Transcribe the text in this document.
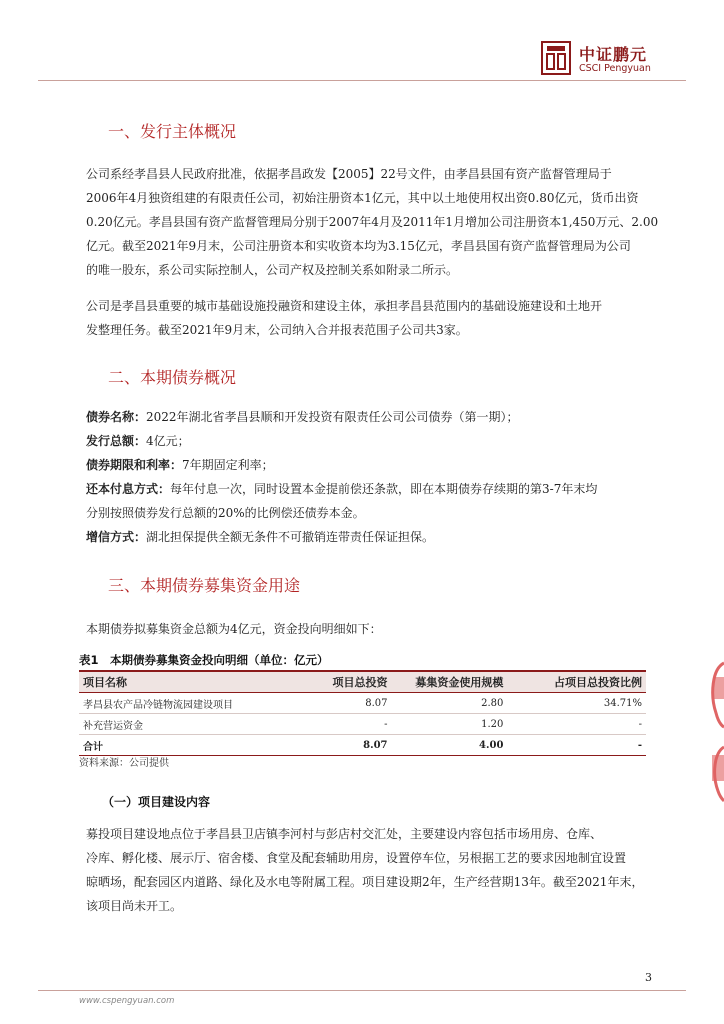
中证鹏元
CSCI Pengyuan
一、发行主体概况
公司系经孝昌县人民政府批准，依据孝昌政发【2005】22号文件，由孝昌县国有资产监督管理局于
2006年4月独资组建的有限责任公司，初始注册资本1亿元，其中以土地使用权出资0.80亿元，货币出资
0.20亿元。孝昌县国有资产监督管理局分别于2007年4月及2011年1月增加公司注册资本1,450万元、2.00
亿元。截至2021年9月末，公司注册资本和实收资本均为3.15亿元，孝昌县国有资产监督管理局为公司
的唯一股东，系公司实际控制人，公司产权及控制关系如附录二所示。
公司是孝昌县重要的城市基础设施投融资和建设主体，承担孝昌县范围内的基础设施建设和土地开
发整理任务。截至2021年9月末，公司纳入合并报表范围子公司共3家。
二、本期债券概况
债券名称：2022年湖北省孝昌县顺和开发投资有限责任公司公司债券（第一期）；
发行总额：4亿元；
债券期限和利率：7年期固定利率；
还本付息方式：每年付息一次，同时设置本金提前偿还条款，即在本期债券存续期的第3-7年末均
分别按照债券发行总额的20%的比例偿还债券本金。
增信方式：湖北担保提供全额无条件不可撤销连带责任保证担保。
三、本期债券募集资金用途
本期债券拟募集资金总额为4亿元，资金投向明细如下：
表1　本期债券募集资金投向明细（单位：亿元）
项目名称	项目总投资	募集资金使用规模	占项目总投资比例
孝昌县农产品冷链物流园建设项目	8.07	2.80	34.71%
补充营运资金	-	1.20	-
合计	8.07	4.00	-
资料来源：公司提供
（一）项目建设内容
募投项目建设地点位于孝昌县卫店镇李河村与彭店村交汇处，主要建设内容包括市场用房、仓库、
冷库、孵化楼、展示厅、宿舍楼、食堂及配套辅助用房，设置停车位，另根据工艺的要求因地制宜设置
晾晒场，配套园区内道路、绿化及水电等附属工程。项目建设期2年，生产经营期13年。截至2021年末，
该项目尚未开工。
3
www.cspengyuan.com
